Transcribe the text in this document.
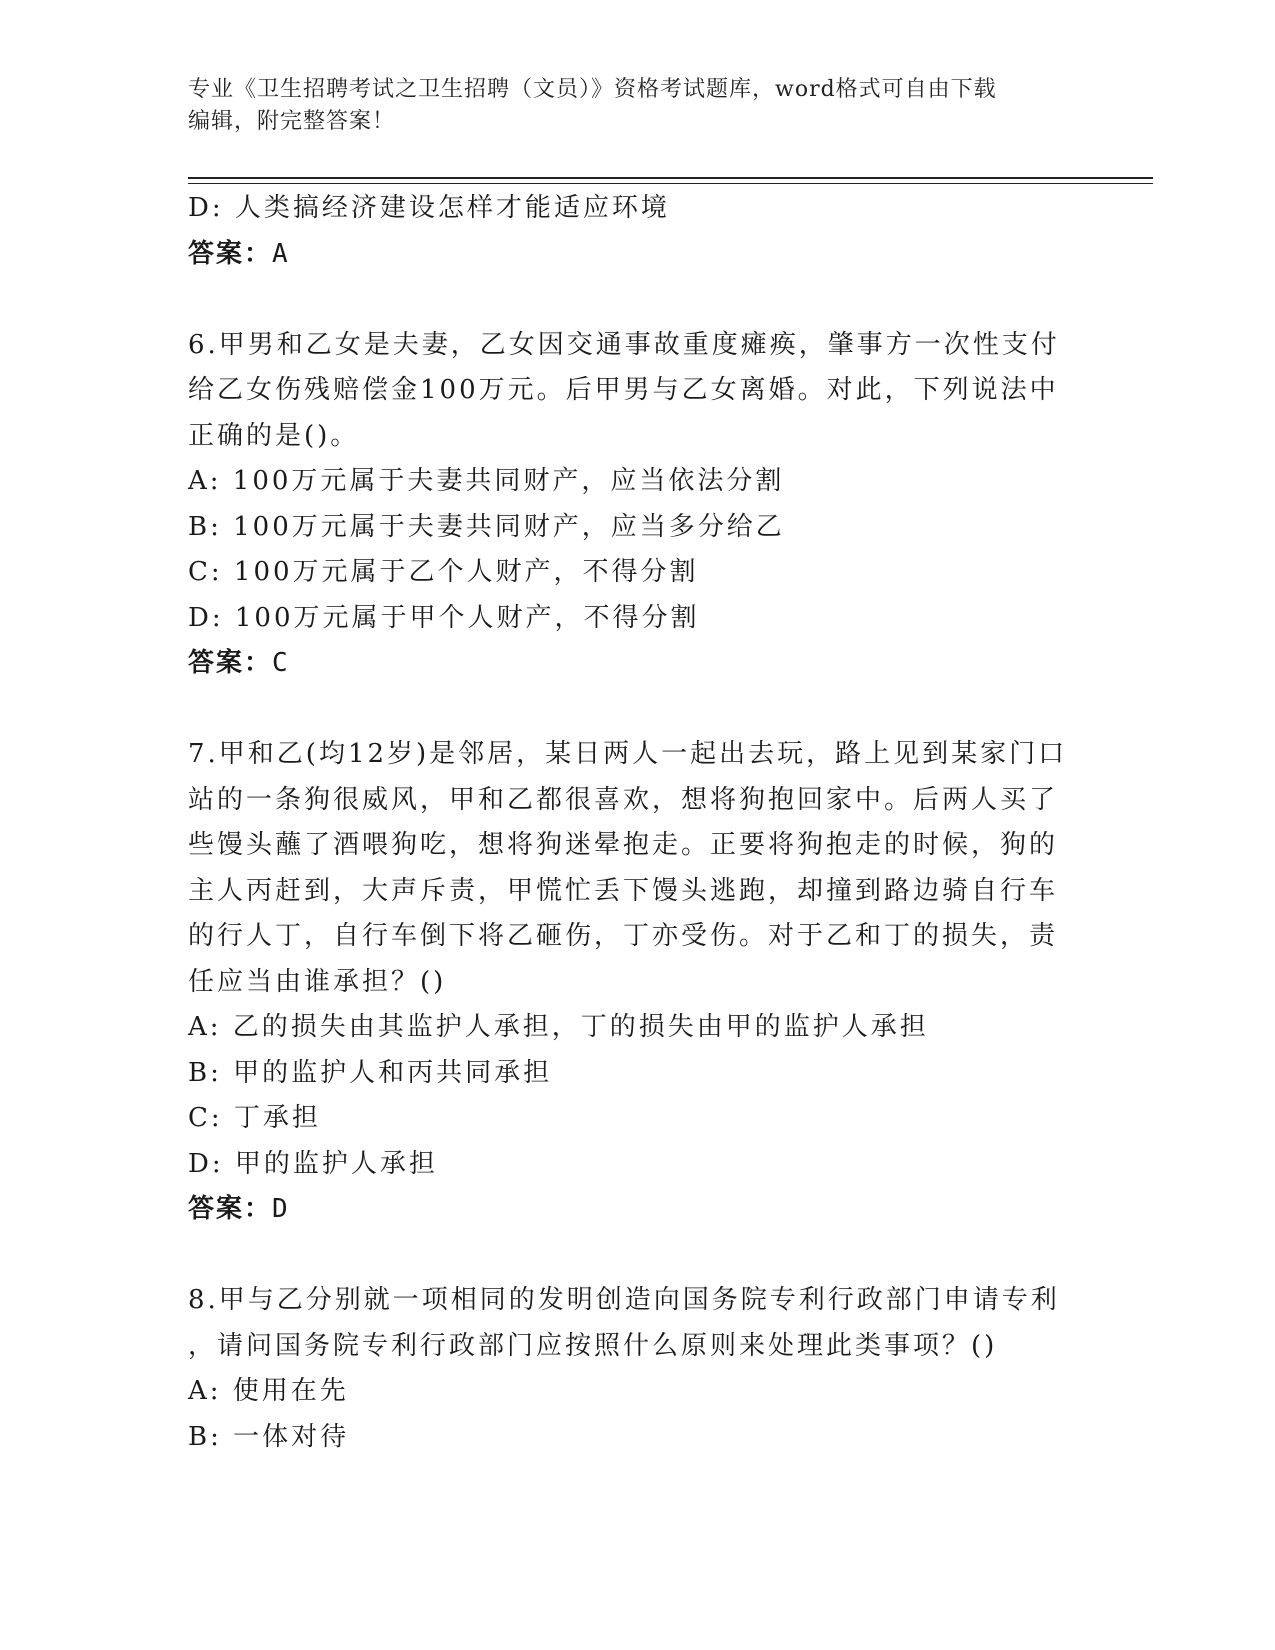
专业《卫生招聘考试之卫生招聘（文员）》资格考试题库，word格式可自由下载
编辑，附完整答案！
D: 人类搞经济建设怎样才能适应环境
答案：A
6.甲男和乙女是夫妻，乙女因交通事故重度瘫痪，肇事方一次性支付
给乙女伤残赔偿金100万元。后甲男与乙女离婚。对此，下列说法中
正确的是()。
A: 100万元属于夫妻共同财产，应当依法分割
B: 100万元属于夫妻共同财产，应当多分给乙
C: 100万元属于乙个人财产，不得分割
D: 100万元属于甲个人财产，不得分割
答案：C
7.甲和乙(均12岁)是邻居，某日两人一起出去玩，路上见到某家门口
站的一条狗很威风，甲和乙都很喜欢，想将狗抱回家中。后两人买了
些馒头蘸了酒喂狗吃，想将狗迷晕抱走。正要将狗抱走的时候，狗的
主人丙赶到，大声斥责，甲慌忙丢下馒头逃跑，却撞到路边骑自行车
的行人丁，自行车倒下将乙砸伤，丁亦受伤。对于乙和丁的损失，责
任应当由谁承担？()
A: 乙的损失由其监护人承担，丁的损失由甲的监护人承担
B: 甲的监护人和丙共同承担
C: 丁承担
D: 甲的监护人承担
答案：D
8.甲与乙分别就一项相同的发明创造向国务院专利行政部门申请专利
，请问国务院专利行政部门应按照什么原则来处理此类事项？()
A: 使用在先
B: 一体对待
